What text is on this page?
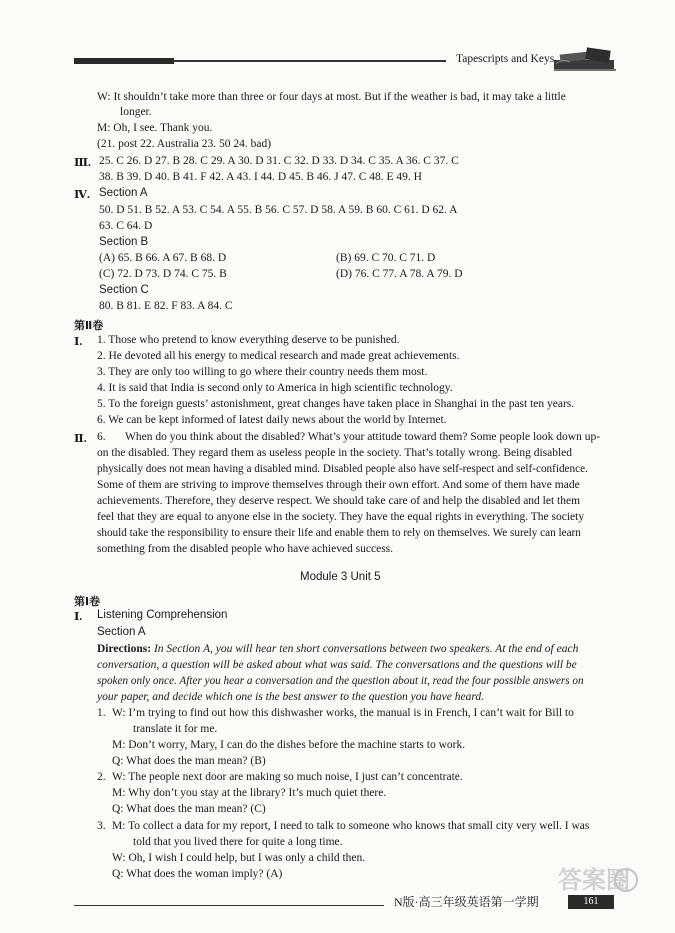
Tapescripts and Keys
W: It shouldn’t take more than three or four days at most. But if the weather is bad, it may take a little
longer.
M: Oh, I see. Thank you.
(21. post 22. Australia 23. 50 24. bad)
Ⅲ. 25. C 26. D 27. B 28. C 29. A 30. D 31. C 32. D 33. D 34. C 35. A 36. C 37. C
38. B 39. D 40. B 41. F 42. A 43. I 44. D 45. B 46. J 47. C 48. E 49. H
Ⅳ. Section A
50. D 51. B 52. A 53. C 54. A 55. B 56. C 57. D 58. A 59. B 60. C 61. D 62. A
63. C 64. D
Section B
(A) 65. B 66. A 67. B 68. D	(B) 69. C 70. C 71. D
(C) 72. D 73. D 74. C 75. B	(D) 76. C 77. A 78. A 79. D
Section C
80. B 81. E 82. F 83. A 84. C
第Ⅱ卷
Ⅰ. 1. Those who pretend to know everything deserve to be punished.
2. He devoted all his energy to medical research and made great achievements.
3. They are only too willing to go where their country needs them most.
4. It is said that India is second only to America in high scientific technology.
5. To the foreign guests’ astonishment, great changes have taken place in Shanghai in the past ten years.
6. We can be kept informed of latest daily news about the world by Internet.
Ⅱ. 6. When do you think about the disabled? What’s your attitude toward them? Some people look down up-
on the disabled. They regard them as useless people in the society. That’s totally wrong. Being disabled
physically does not mean having a disabled mind. Disabled people also have self-respect and self-confidence.
Some of them are striving to improve themselves through their own effort. And some of them have made
achievements. Therefore, they deserve respect. We should take care of and help the disabled and let them
feel that they are equal to anyone else in the society. They have the equal rights in everything. The society
should take the responsibility to ensure their life and enable them to rely on themselves. We surely can learn
something from the disabled people who have achieved success.
Module 3 Unit 5
第Ⅰ卷
Ⅰ. Listening Comprehension
Section A
Directions: In Section A, you will hear ten short conversations between two speakers. At the end of each
conversation, a question will be asked about what was said. The conversations and the questions will be
spoken only once. After you hear a conversation and the question about it, read the four possible answers on
your paper, and decide which one is the best answer to the question you have heard.
1. W: I’m trying to find out how this dishwasher works, the manual is in French, I can’t wait for Bill to
translate it for me.
M: Don’t worry, Mary, I can do the dishes before the machine starts to work.
Q: What does the man mean? (B)
2. W: The people next door are making so much noise, I just can’t concentrate.
M: Why don’t you stay at the library? It’s much quiet there.
Q: What does the man mean? (C)
3. M: To collect a data for my report, I need to talk to someone who knows that small city very well. I was
told that you lived there for quite a long time.
W: Oh, I wish I could help, but I was only a child then.
Q: What does the woman imply? (A)	答案圈
N版·高三年级英语第一学期	161
